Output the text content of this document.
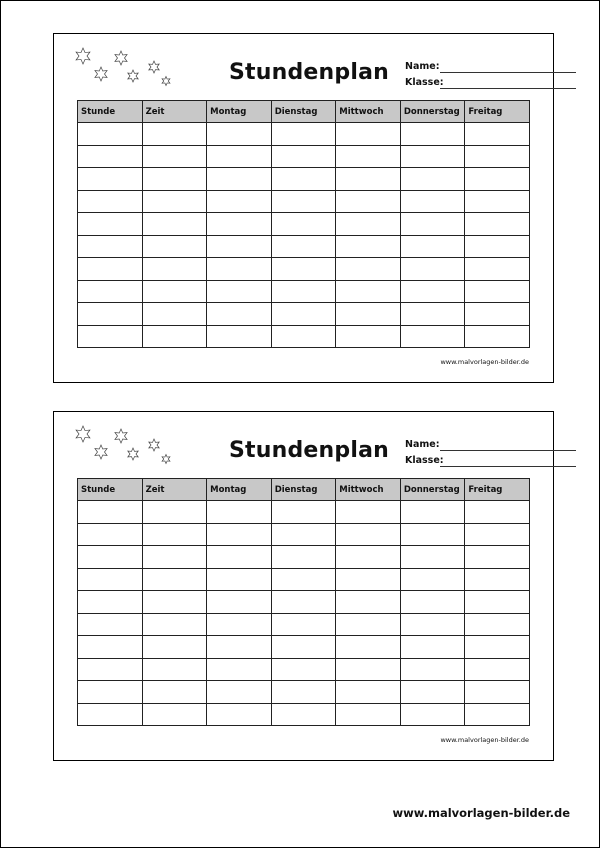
Stundenplan Name:
Klasse:
Stunde	Zeit	Montag	Dienstag	Mittwoch	Donnerstag	Freitag

www.malvorlagen-bilder.de
Stundenplan Name:
Klasse:
Stunde	Zeit	Montag	Dienstag	Mittwoch	Donnerstag	Freitag

www.malvorlagen-bilder.de
www.malvorlagen-bilder.de
